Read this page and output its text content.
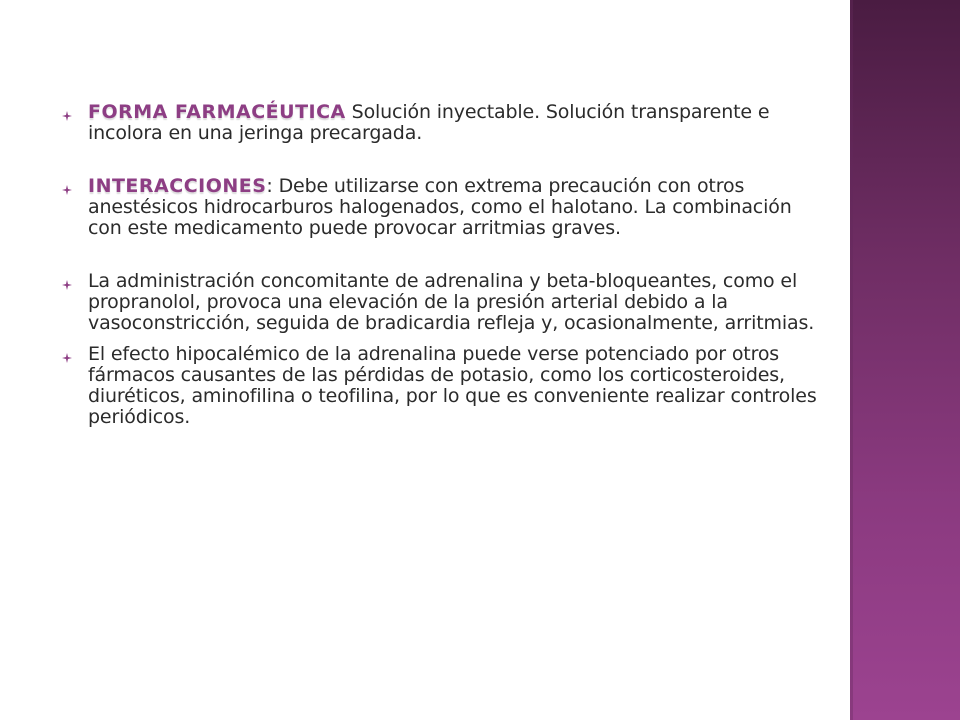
FORMA FARMACÉUTICA Solución inyectable. Solución transparente e incolora en una jeringa precargada.
INTERACCIONES: Debe utilizarse con extrema precaución con otros anestésicos hidrocarburos halogenados, como el halotano. La combinación con este medicamento puede provocar arritmias graves.
La administración concomitante de adrenalina y beta-bloqueantes, como el propranolol, provoca una elevación de la presión arterial debido a la vasoconstricción, seguida de bradicardia refleja y, ocasionalmente, arritmias.
El efecto hipocalémico de la adrenalina puede verse potenciado por otros fármacos causantes de las pérdidas de potasio, como los corticosteroides, diuréticos, aminofilina o teofilina, por lo que es conveniente realizar controles periódicos.
